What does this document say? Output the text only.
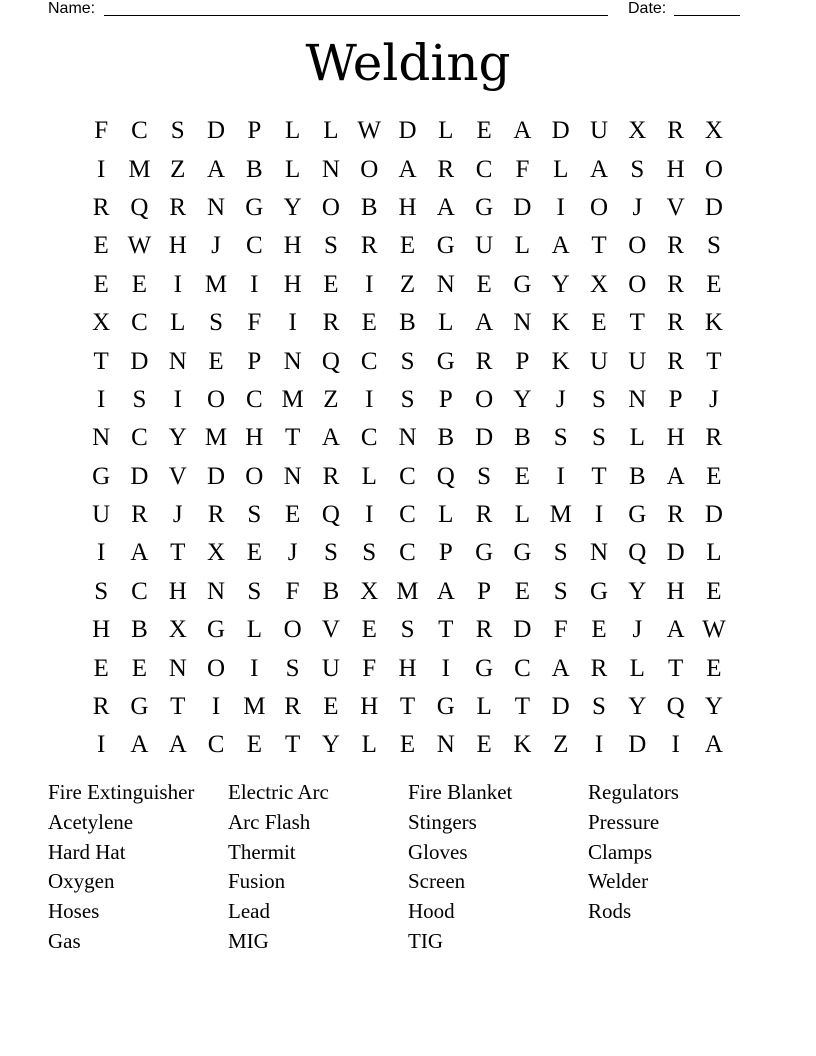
Name:	Date:
Welding
F C S D P L L W D L E A D U X R X
I M Z A B L N O A R C F L A S H O
R Q R N G Y O B H A G D	I	O J V D
E W H J	C H S R E G U L A T O R S
E E	I M I	H E	I	Z N E G Y X O R E
X C L S F	I	R E B L A N K E T R K
T D N E P N Q C S G R P K U U R T
I	S	I	O C M Z	I	S P O Y J	S N P	J
N C Y M H T A C N B D B S S L H R
G D V D O N R L C Q S E	I	T B A E
U R	J	R S E Q	I	C L R L M I	G R D
I	A T X E	J	S S C P G G S N Q D L
S C H N S F B X M A P E S G Y H E
H B X G L O V E S T R D F E	J A W
E E N O	I	S U F H	I	G C A R L T E
R G T	I M R E H T G L T D S Y Q Y
I	A A C E T Y L E N E K Z	I	D	I	A
Fire Extinguisher	Electric Arc	Fire Blanket	Regulators
Acetylene	Arc Flash	Stingers	Pressure
Hard Hat	Thermit	Gloves	Clamps
Oxygen	Fusion	Screen	Welder
Hoses	Lead	Hood	Rods
Gas	MIG	TIG
